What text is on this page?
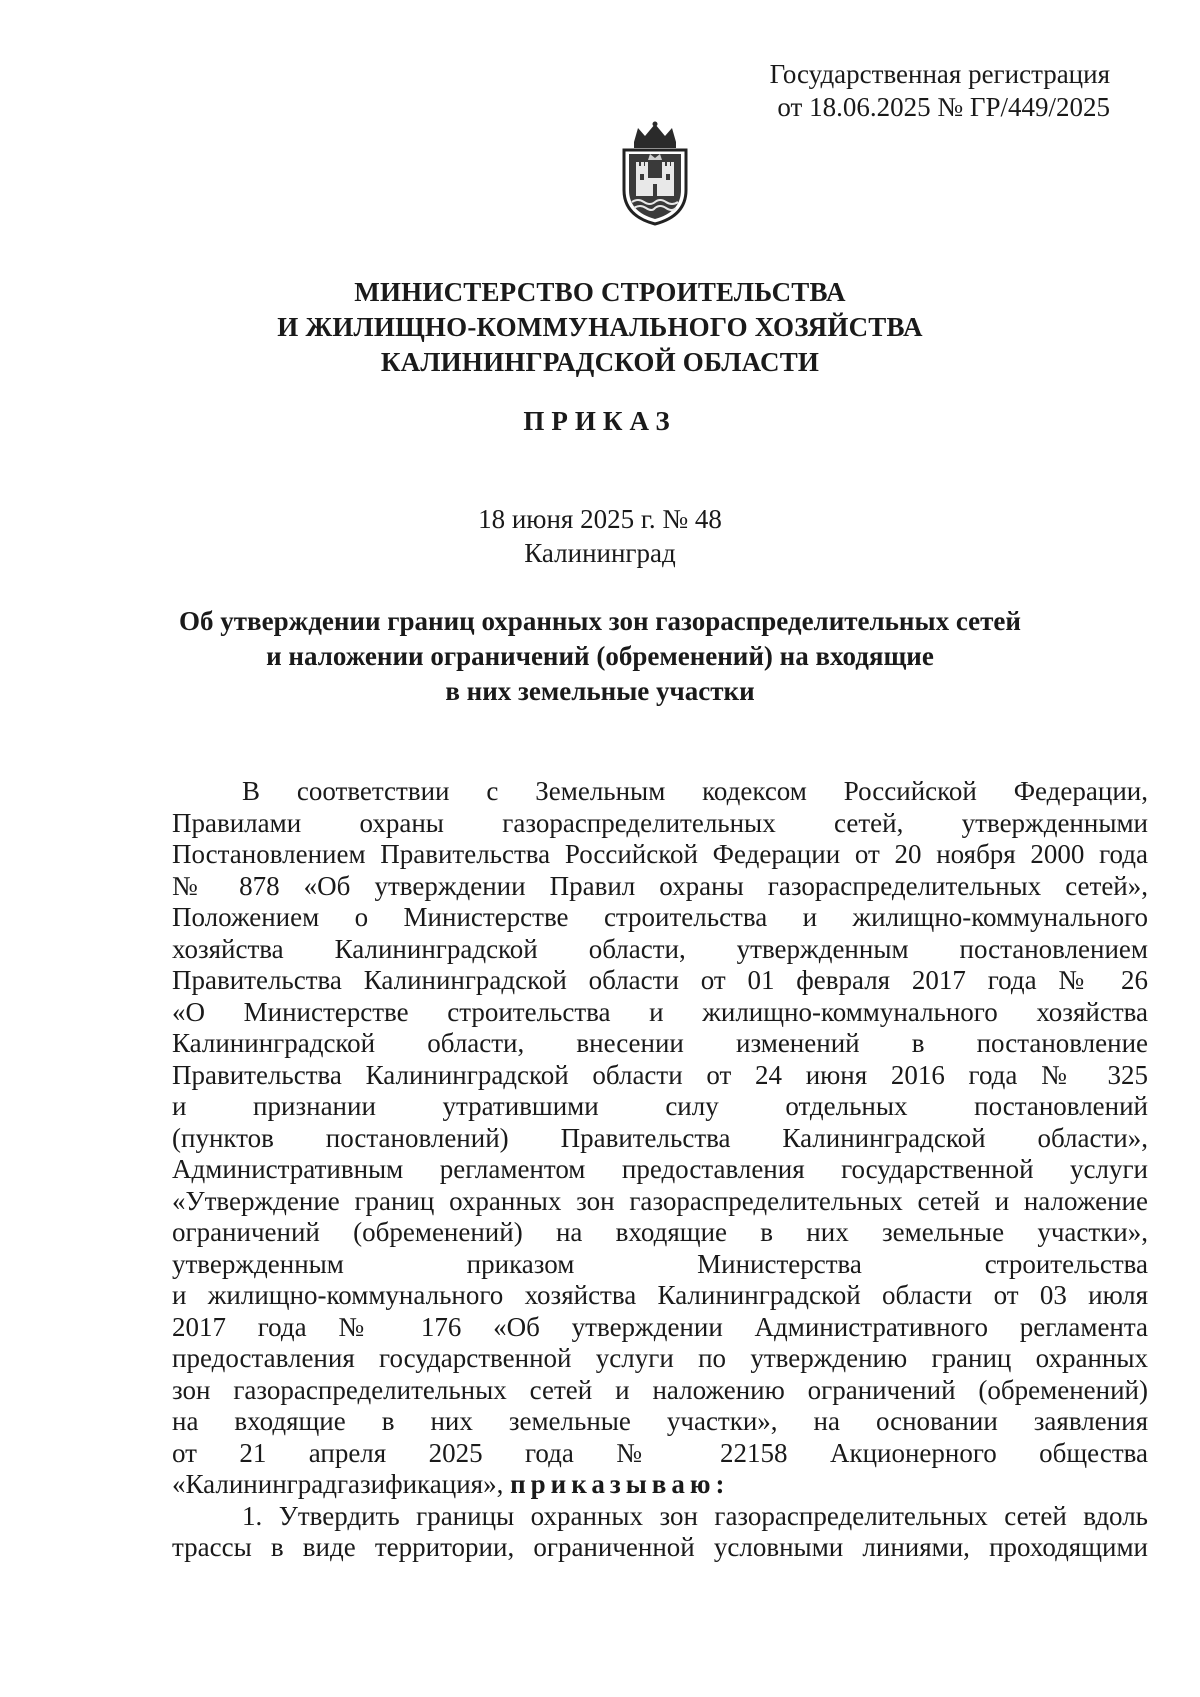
Государственная регистрация
от 18.06.2025 № ГР/449/2025
МИНИСТЕРСТВО СТРОИТЕЛЬСТВА
И ЖИЛИЩНО-КОММУНАЛЬНОГО ХОЗЯЙСТВА
КАЛИНИНГРАДСКОЙ ОБЛАСТИ
ПРИКАЗ
18 июня 2025 г. № 48
Калининград
Об утверждении границ охранных зон газораспределительных сетей
и наложении ограничений (обременений) на входящие
в них земельные участки
В соответствии с Земельным кодексом Российской Федерации,
Правилами охраны газораспределительных сетей, утвержденными
Постановлением Правительства Российской Федерации от 20 ноября 2000 года
№ 878 «Об утверждении Правил охраны газораспределительных сетей»,
Положением о Министерстве строительства и жилищно-коммунального
хозяйства Калининградской области, утвержденным постановлением
Правительства Калининградской области от 01 февраля 2017 года № 26
«О Министерстве строительства и жилищно-коммунального хозяйства
Калининградской области, внесении изменений в постановление
Правительства Калининградской области от 24 июня 2016 года № 325
и признании утратившими силу отдельных постановлений
(пунктов постановлений) Правительства Калининградской области»,
Административным регламентом предоставления государственной услуги
«Утверждение границ охранных зон газораспределительных сетей и наложение
ограничений (обременений) на входящие в них земельные участки»,
утвержденным приказом Министерства строительства
и жилищно-коммунального хозяйства Калининградской области от 03 июля
2017 года № 176 «Об утверждении Административного регламента
предоставления государственной услуги по утверждению границ охранных
зон газораспределительных сетей и наложению ограничений (обременений)
на входящие в них земельные участки», на основании заявления
от 21 апреля 2025 года № 22158 Акционерного общества
«Калининградгазификация», приказываю:
1. Утвердить границы охранных зон газораспределительных сетей вдоль
трассы в виде территории, ограниченной условными линиями, проходящими
